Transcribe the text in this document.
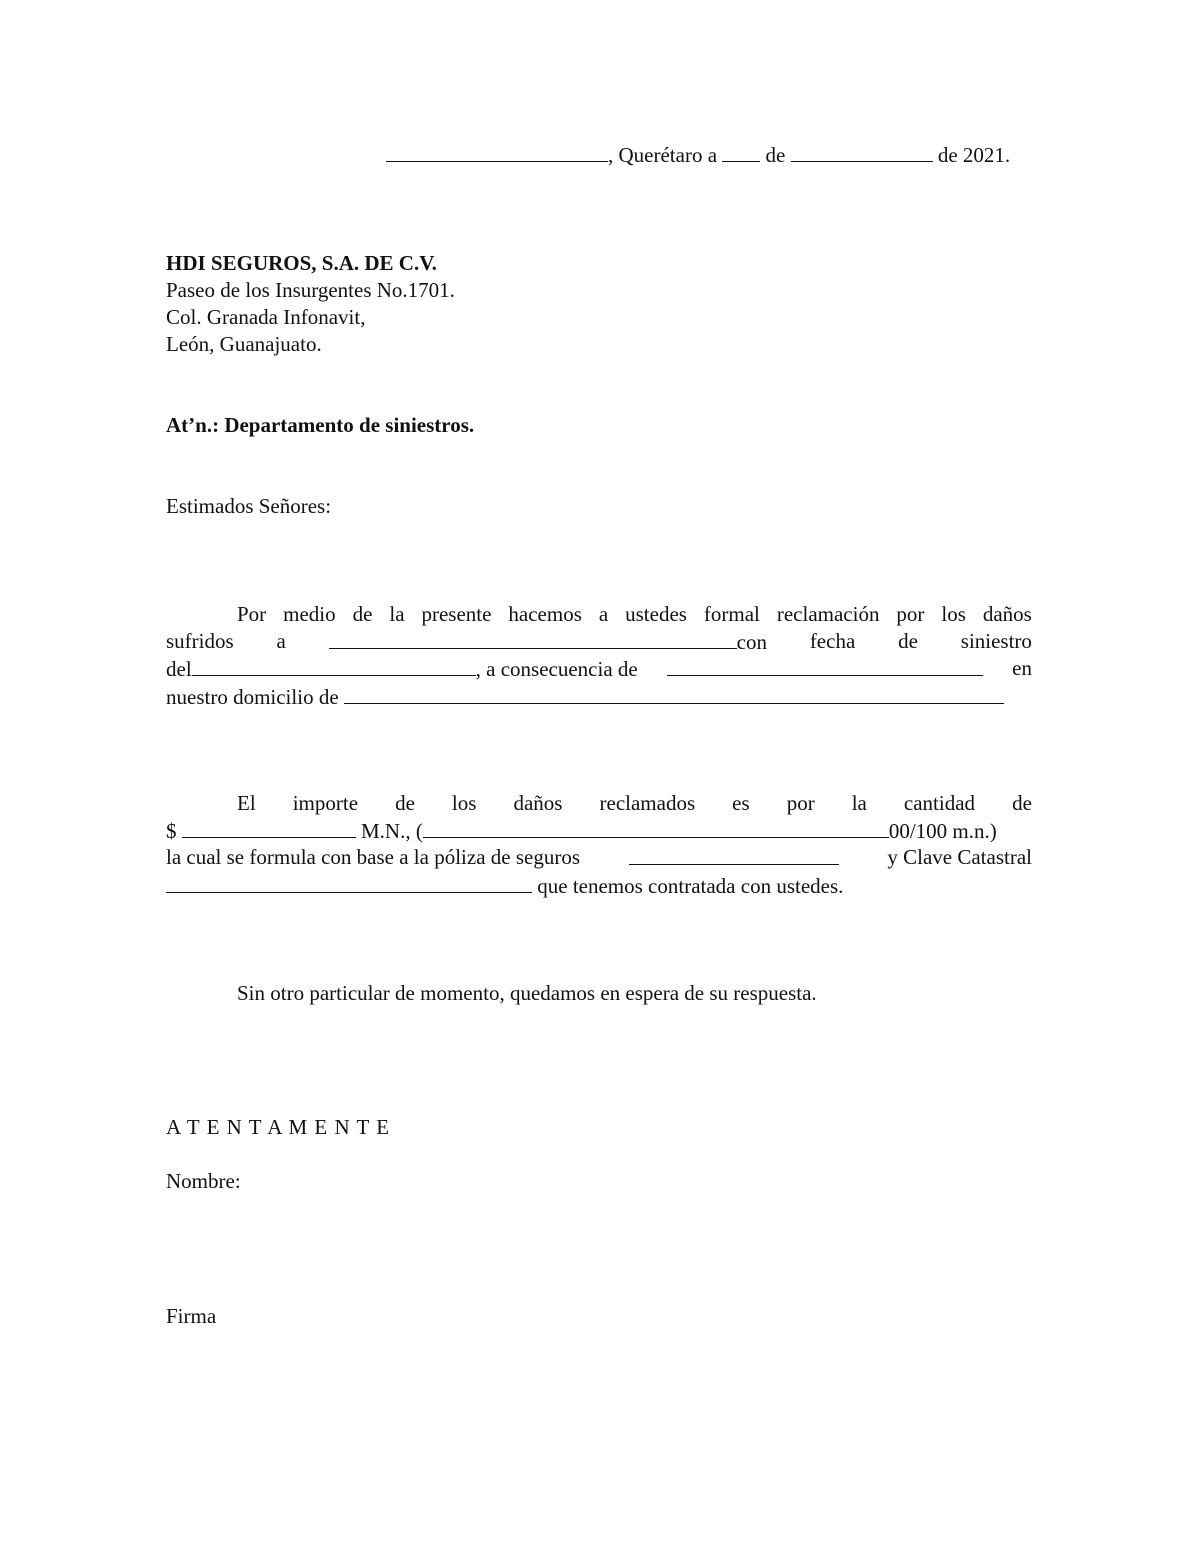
, Querétaro a de	de 2021.
HDI SEGUROS, S.A. DE C.V.
Paseo de los Insurgentes No.1701.
Col. Granada Infonavit,
León, Guanajuato.
At’n.: Departamento de siniestros.
Estimados Señores:
Por medio de la presente hacemos a ustedes formal reclamación por los daños
sufridos a	con fecha de siniestro
del	, a consecuencia de	en
nuestro domicilio de
El importe de los daños reclamados es por la cantidad de
$	M.N., (	00/100 m.n.)
la cual se formula con base a la póliza de seguros	y Clave Catastral
que tenemos contratada con ustedes.
Sin otro particular de momento, quedamos en espera de su respuesta.
A T E N T A M E N T E
Nombre:
Firma
